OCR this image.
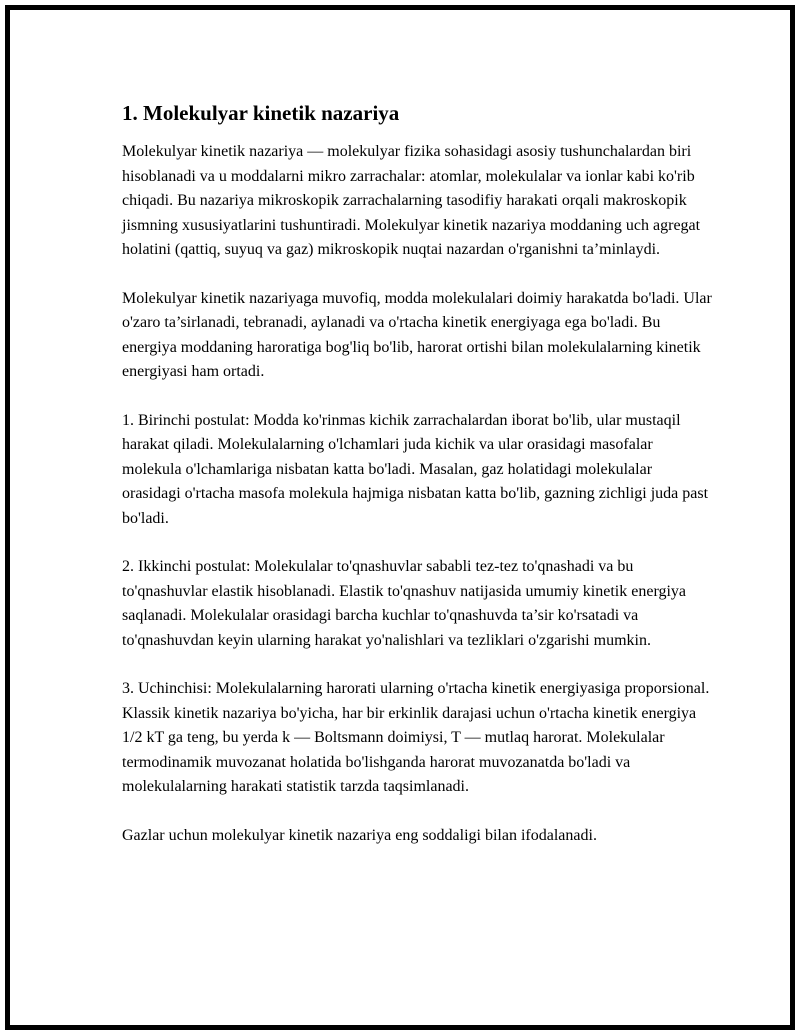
1. Molekulyar kinetik nazariya

Molekulyar kinetik nazariya — molekulyar fizika sohasidagi asosiy tushunchalardan biri hisoblanadi va u moddalarni mikro zarrachalar: atomlar, molekulalar va ionlar kabi ko'rib chiqadi. Bu nazariya mikroskopik zarrachalarning tasodifiy harakati orqali makroskopik jismning xususiyatlarini tushuntiradi. Molekulyar kinetik nazariya moddaning uch agregat holatini (qattiq, suyuq va gaz) mikroskopik nuqtai nazardan o'rganishni ta’minlaydi.

Molekulyar kinetik nazariyaga muvofiq, modda molekulalari doimiy harakatda bo'ladi. Ular o'zaro ta’sirlanadi, tebranadi, aylanadi va o'rtacha kinetik energiyaga ega bo'ladi. Bu energiya moddaning haroratiga bog'liq bo'lib, harorat ortishi bilan molekulalarning kinetik energiyasi ham ortadi.

1. Birinchi postulat: Modda ko'rinmas kichik zarrachalardan iborat bo'lib, ular mustaqil harakat qiladi. Molekulalarning o'lchamlari juda kichik va ular orasidagi masofalar molekula o'lchamlariga nisbatan katta bo'ladi. Masalan, gaz holatidagi molekulalar orasidagi o'rtacha masofa molekula hajmiga nisbatan katta bo'lib, gazning zichligi juda past bo'ladi.

2. Ikkinchi postulat: Molekulalar to'qnashuvlar sababli tez-tez to'qnashadi va bu to'qnashuvlar elastik hisoblanadi. Elastik to'qnashuv natijasida umumiy kinetik energiya saqlanadi. Molekulalar orasidagi barcha kuchlar to'qnashuvda ta’sir ko'rsatadi va to'qnashuvdan keyin ularning harakat yo'nalishlari va tezliklari o'zgarishi mumkin.

3. Uchinchisi: Molekulalarning harorati ularning o'rtacha kinetik energiyasiga proporsional. Klassik kinetik nazariya bo'yicha, har bir erkinlik darajasi uchun o'rtacha kinetik energiya 1/2 kT ga teng, bu yerda k — Boltsmann doimiysi, T — mutlaq harorat. Molekulalar termodinamik muvozanat holatida bo'lishganda harorat muvozanatda bo'ladi va molekulalarning harakati statistik tarzda taqsimlanadi.

Gazlar uchun molekulyar kinetik nazariya eng soddaligi bilan ifodalanadi.
